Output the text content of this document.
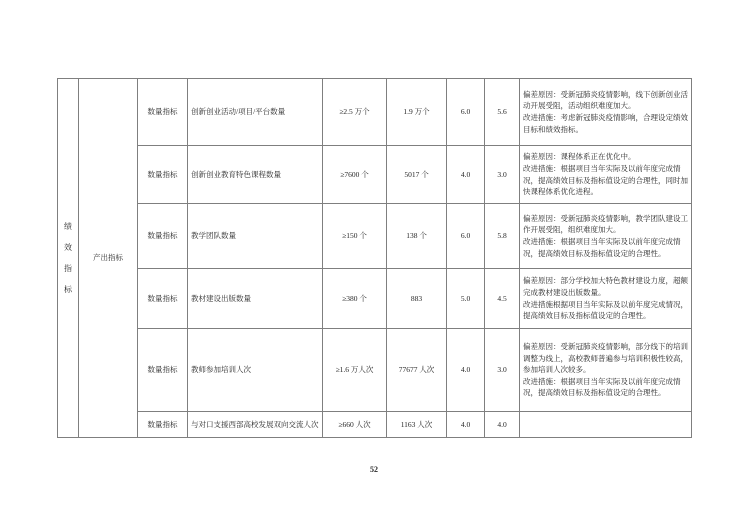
绩效指标	产出指标	数量指标	创新创业活动/项目/平台数量	≥2.5 万个	1.9 万个	6.0	5.6	偏差原因：受新冠肺炎疫情影响，线下创新创业活动开展受阻，活动组织难度加大。

改进措施：考虑新冠肺炎疫情影响，合理设定绩效目标和绩效指标。

		数量指标	创新创业教育特色课程数量	≥7600 个	5017 个	4.0	3.0	偏差原因：课程体系正在优化中。

改进措施：根据项目当年实际及以前年度完成情况，提高绩效目标及指标值设定的合理性，同时加快课程体系优化进程。

		数量指标	教学团队数量	≥150 个	138 个	6.0	5.8	偏差原因：受新冠肺炎疫情影响，教学团队建设工作开展受阻，组织难度加大。

改进措施：根据项目当年实际及以前年度完成情况，提高绩效目标及指标值设定的合理性。

		数量指标	教材建设出版数量	≥380 个	883	5.0	4.5	偏差原因：部分学校加大特色教材建设力度，超额完成教材建设出版数量。

改进措施根据项目当年实际及以前年度完成情况，提高绩效目标及指标值设定的合理性。

		数量指标	教师参加培训人次	≥1.6 万人次	77677 人次	4.0	3.0	偏差原因：受新冠肺炎疫情影响，部分线下的培训调整为线上，高校教师普遍参与培训积极性较高，参加培训人次较多。

改进措施：根据项目当年实际及以前年度完成情况，提高绩效目标及指标值设定的合理性。

		数量指标	与对口支援西部高校发展双向交流人次	≥660 人次	1163 人次	4.0	4.0	
52
